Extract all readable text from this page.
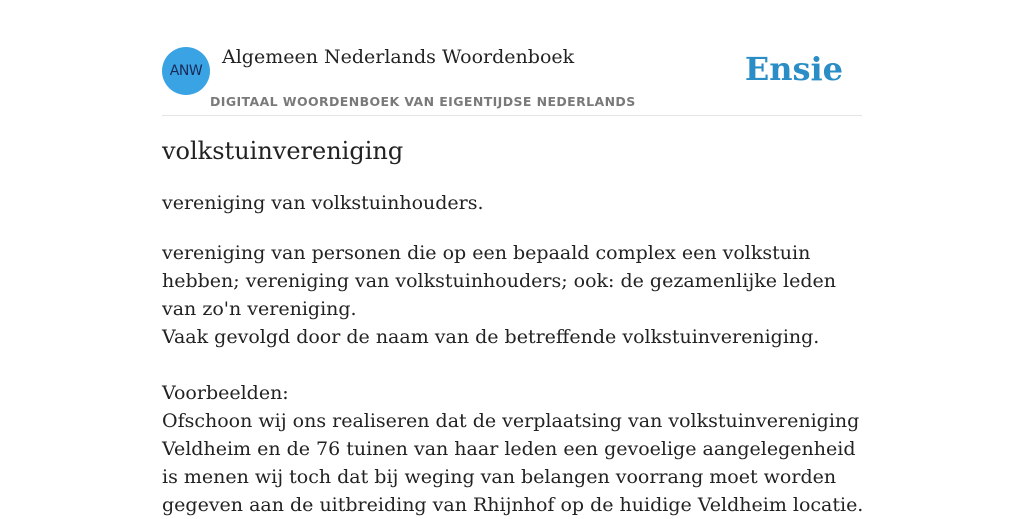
ANW
Algemeen Nederlands Woordenboek
DIGITAAL WOORDENBOEK VAN EIGENTIJDSE NEDERLANDS
Ensie
volkstuinvereniging

vereniging van volkstuinhouders.

vereniging van personen die op een bepaald complex een volkstuin hebben; vereniging van volkstuinhouders; ook: de gezamenlijke leden van zo'n vereniging.

Vaak gevolgd door de naam van de betreffende volkstuinvereniging.

Voorbeelden:

Ofschoon wij ons realiseren dat de verplaatsing van volkstuinvereniging Veldheim en de 76 tuinen van haar leden een gevoelige aangelegenheid is menen wij toch dat bij weging van belangen voorrang moet worden gegeven aan de uitbreiding van Rhijnhof op de huidige Veldheim locatie.
